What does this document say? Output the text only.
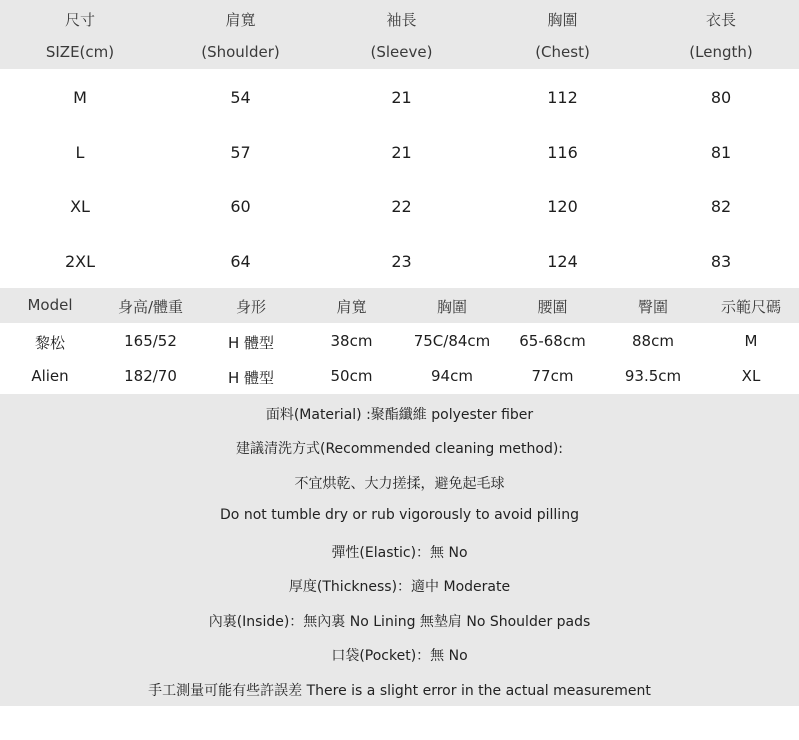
尺寸	肩寬	袖長	胸圍	衣長
SIZE(cm)	(Shoulder)	(Sleeve)	(Chest)	(Length)
M	54	21	112	80
L	57	21	116	81
XL	60	22	120	82
2XL	64	23	124	83
Model	身高/體重	身形	肩寬	胸圍	腰圍	臀圍	示範尺碼
黎松	165/52	H 體型	38cm	75C/84cm	65-68cm	88cm	M
Alien	182/70	H 體型	50cm	94cm	77cm	93.5cm	XL
面料(Material) :聚酯纖維 polyester fiber
建議清洗方式(Recommended cleaning method):
不宜烘乾、大力搓揉，避免起毛球
Do not tumble dry or rub vigorously to avoid pilling
彈性(Elastic)：無 No
厚度(Thickness)：適中 Moderate
內裏(Inside)：無內裏 No Lining 無墊肩 No Shoulder pads
口袋(Pocket)：無 No
手工測量可能有些許誤差 There is a slight error in the actual measurement
